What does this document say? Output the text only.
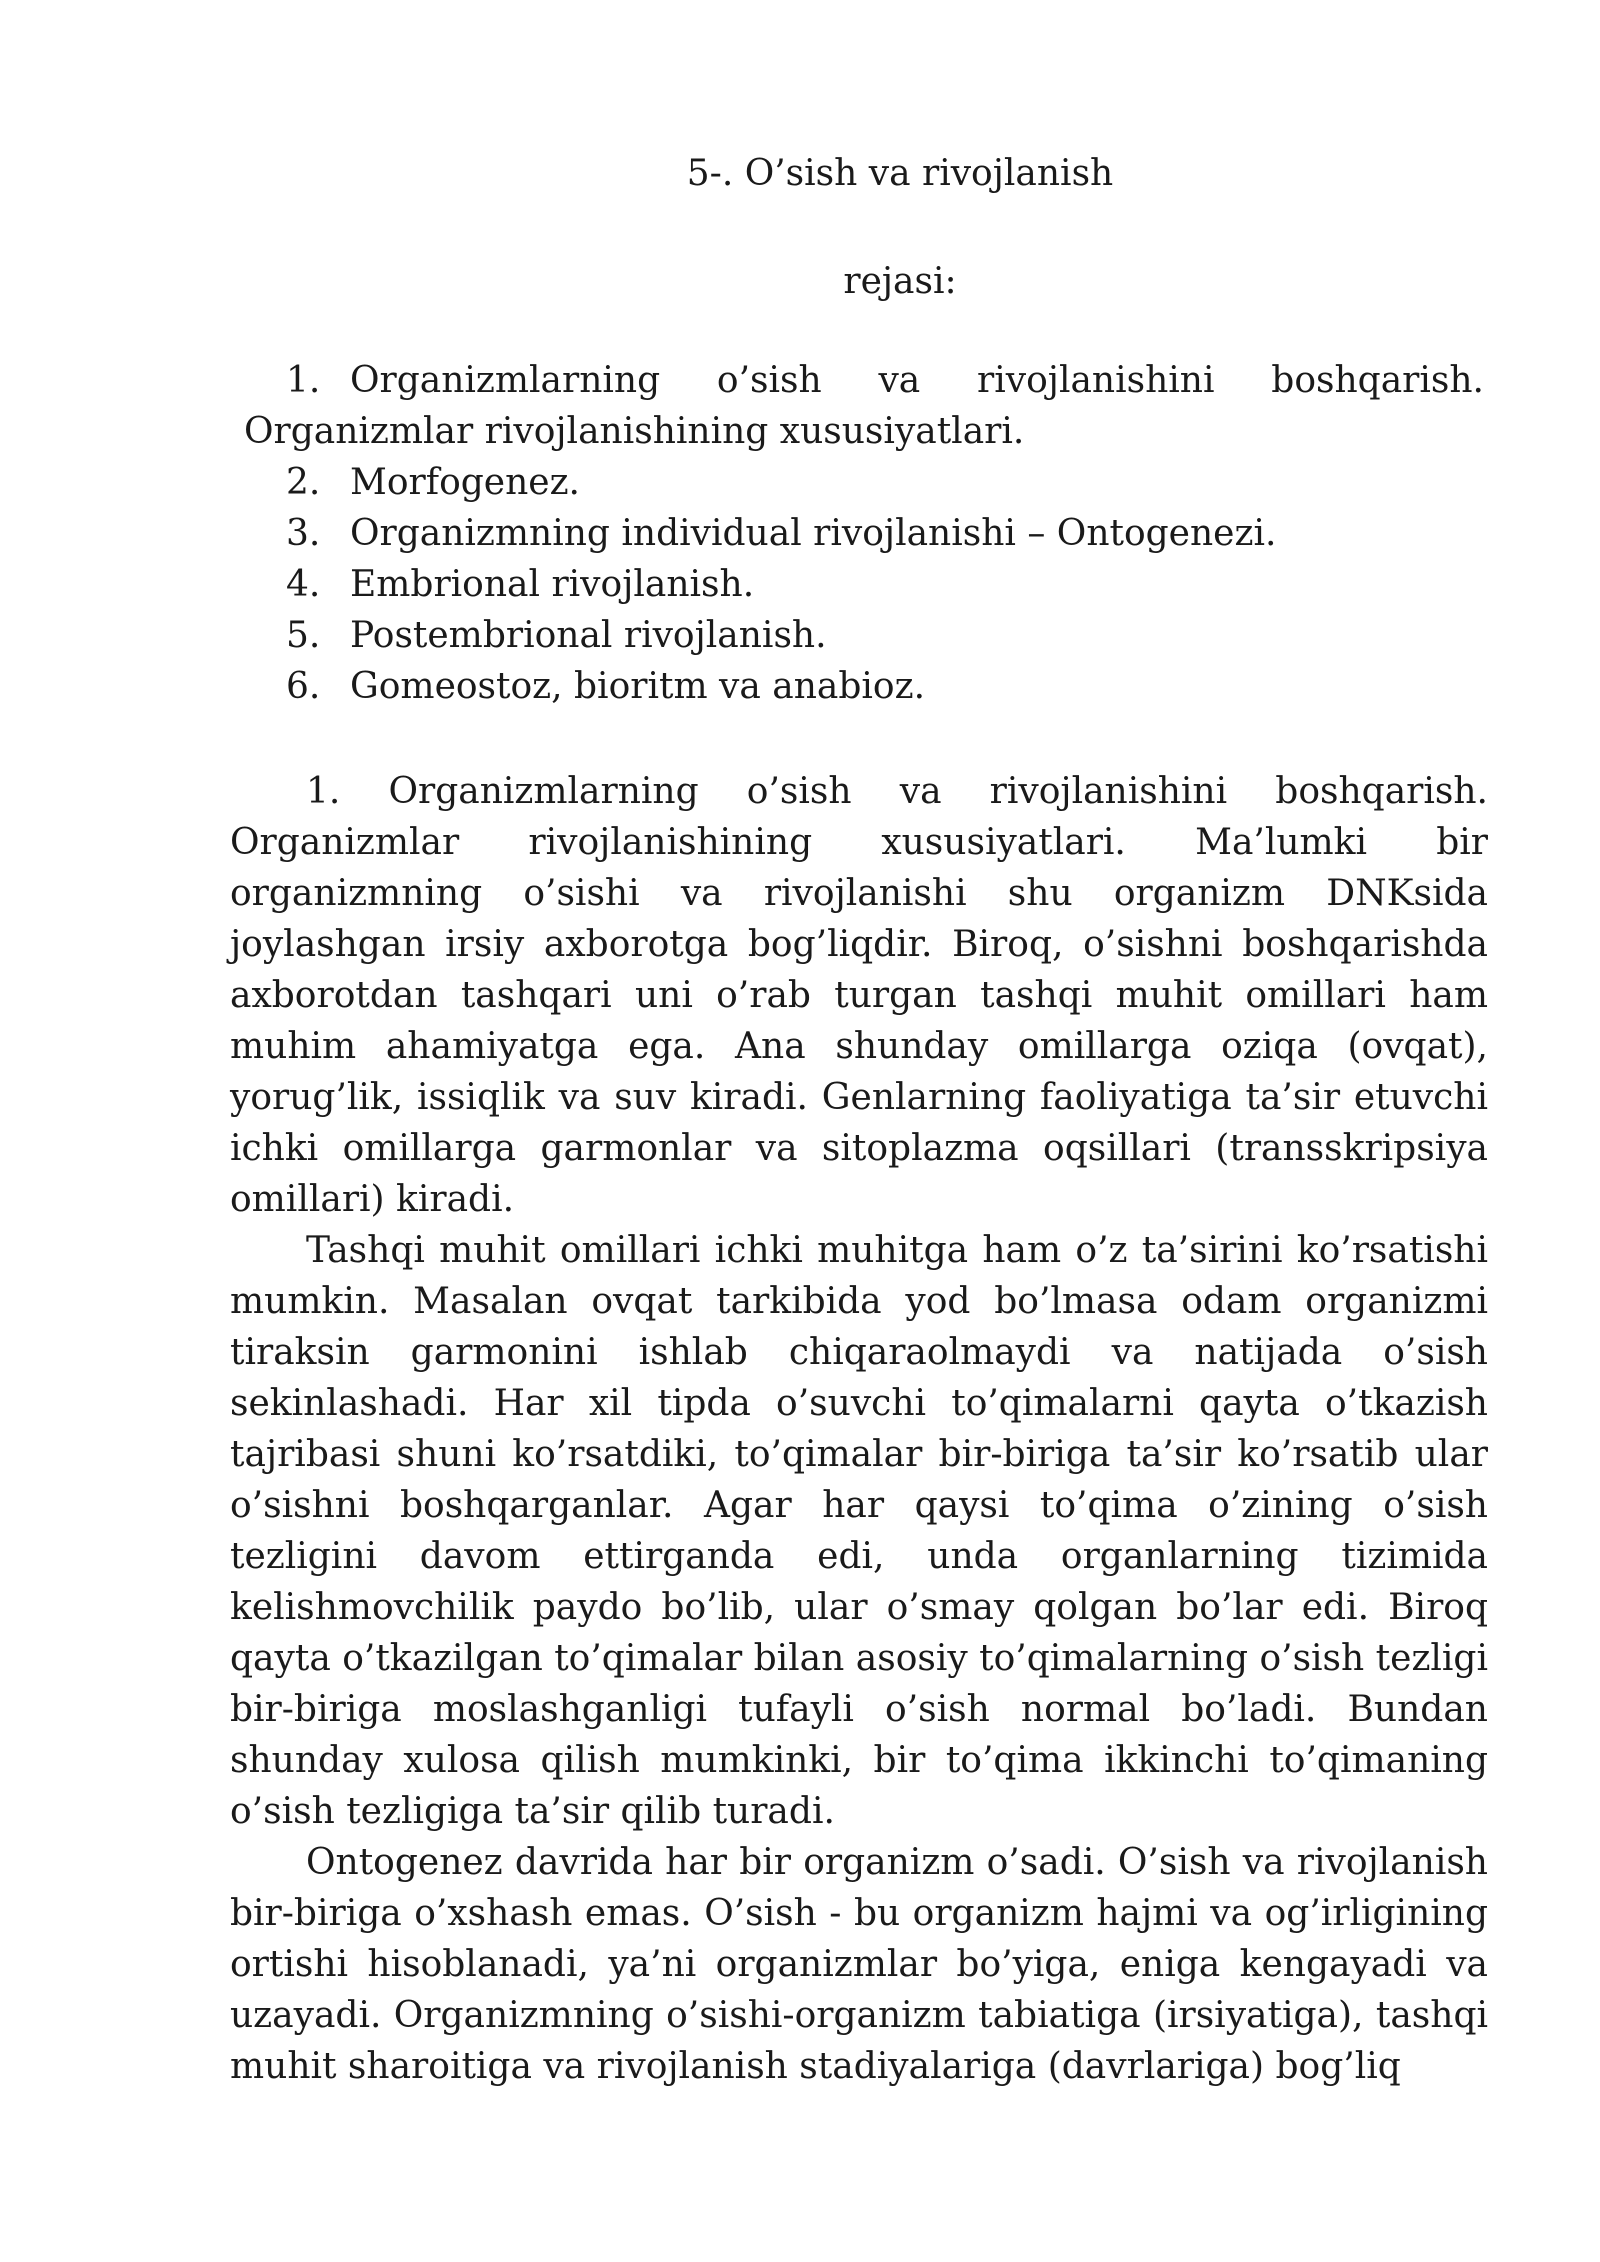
5-. O’sish va rivojlanish
rejasi:
1. Organizmlarning o’sish va rivojlanishini boshqarish.
Organizmlar rivojlanishining xususiyatlari.
2. Morfogenez.
3. Organizmning individual rivojlanishi – Ontogenezi.
4. Embrional rivojlanish.
5. Postembrional rivojlanish.
6. Gomeostoz, bioritm va anabioz.

1. Organizmlarning o’sish va rivojlanishini boshqarish. Organizmlar rivojlanishining xususiyatlari. Ma’lumki bir organizmning o’sishi va rivojlanishi shu organizm DNKsida joylashgan irsiy axborotga bog’liqdir. Biroq, o’sishni boshqarishda axborotdan tashqari uni o’rab turgan tashqi muhit omillari ham muhim ahamiyatga ega. Ana shunday omillarga oziqa (ovqat), yorug’lik, issiqlik va suv kiradi. Genlarning faoliyatiga ta’sir etuvchi ichki omillarga garmonlar va sitoplazma oqsillari (transskripsiya omillari) kiradi.

Tashqi muhit omillari ichki muhitga ham o’z ta’sirini ko’rsatishi mumkin. Masalan ovqat tarkibida yod bo’lmasa odam organizmi tiraksin garmonini ishlab chiqaraolmaydi va natijada o’sish sekinlashadi. Har xil tipda o’suvchi to’qimalarni qayta o’tkazish tajribasi shuni ko’rsatdiki, to’qimalar bir-biriga ta’sir ko’rsatib ular o’sishni boshqarganlar. Agar har qaysi to’qima o’zining o’sish tezligini davom ettirganda edi, unda organlarning tizimida kelishmovchilik paydo bo’lib, ular o’smay qolgan bo’lar edi. Biroq qayta o’tkazilgan to’qimalar bilan asosiy to’qimalarning o’sish tezligi bir-biriga moslashganligi tufayli o’sish normal bo’ladi. Bundan shunday xulosa qilish mumkinki, bir to’qima ikkinchi to’qimaning o’sish tezligiga ta’sir qilib turadi.

Ontogenez davrida har bir organizm o’sadi. O’sish va rivojlanish bir-biriga o’xshash emas. O’sish - bu organizm hajmi va og’irligining ortishi hisoblanadi, ya’ni organizmlar bo’yiga, eniga kengayadi va uzayadi. Organizmning o’sishi-organizm tabiatiga (irsiyatiga), tashqi muhit sharoitiga va rivojlanish stadiyalariga (davrlariga) bog’liq
